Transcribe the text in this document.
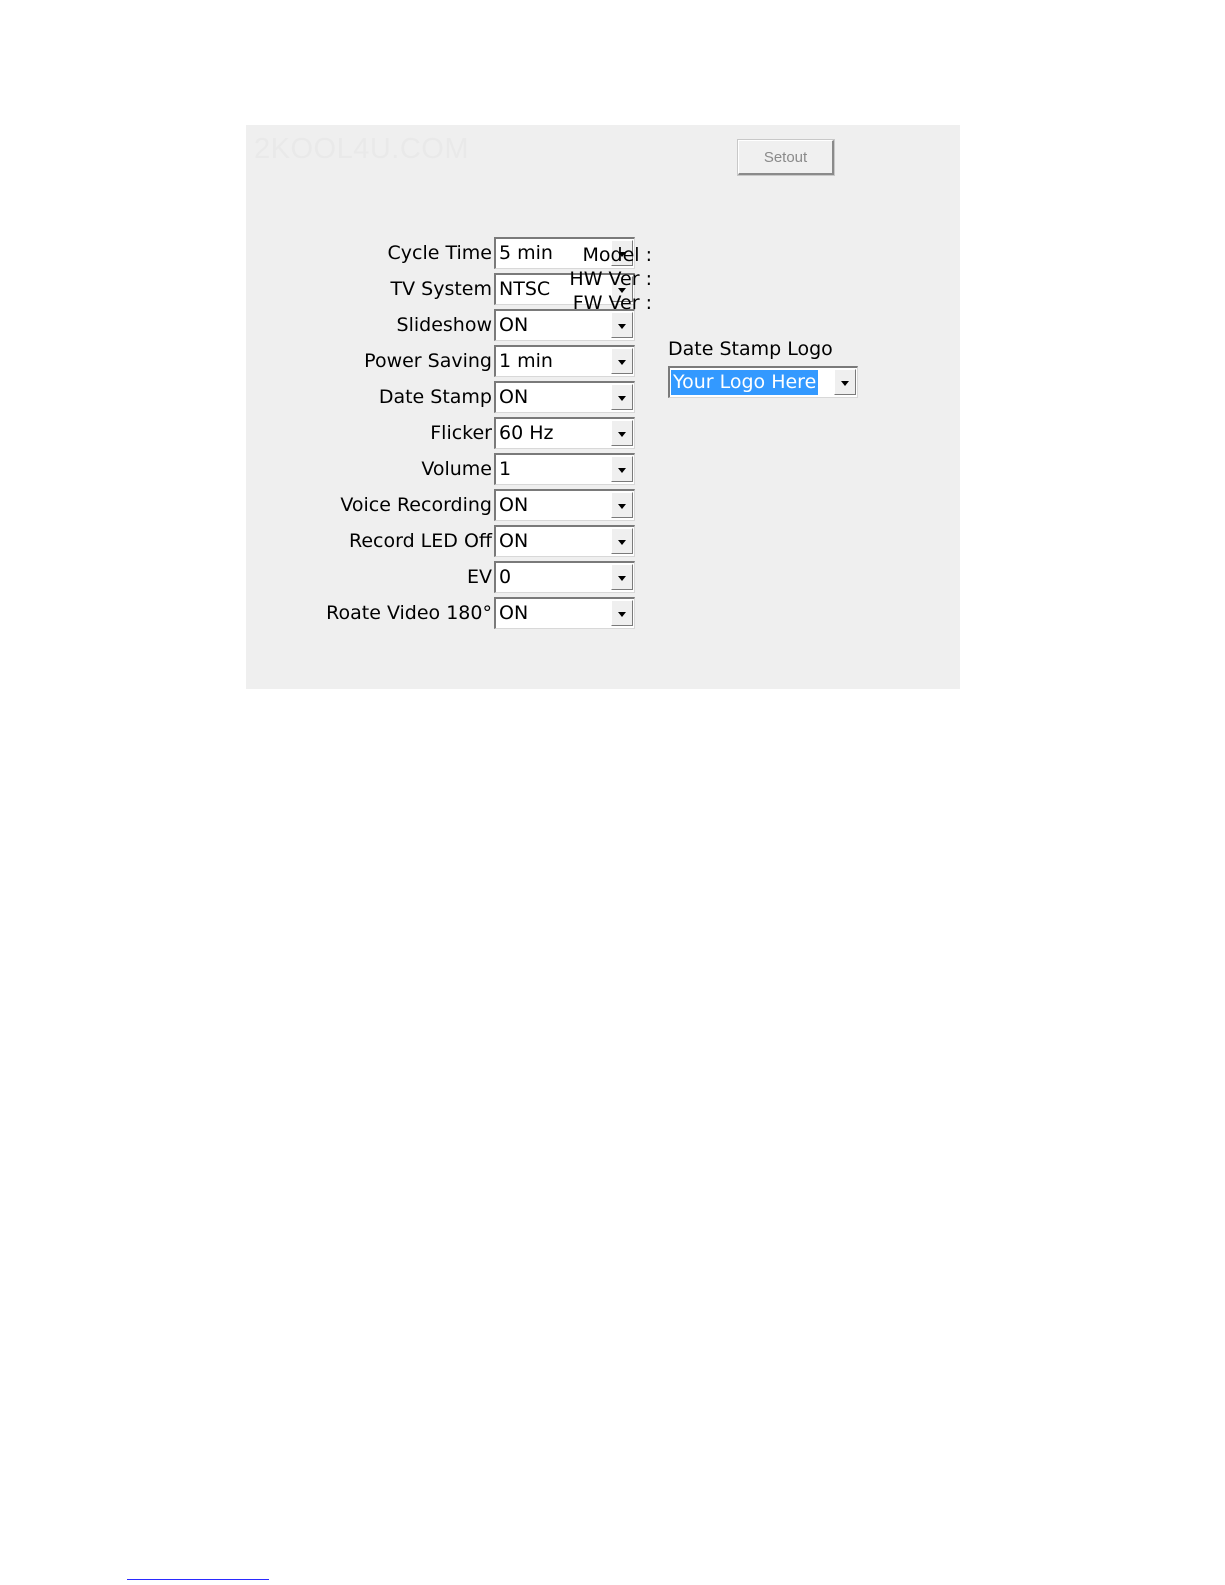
2KOOL4U.COM	Setout
Cycle Time 5 min
TV System NTSC
Slideshow ON
Power Saving 1 min
Date Stamp ON
Flicker 60 Hz
Volume 1
Voice Recording ON
Record LED Off ON
EV 0
Roate Video 180° ON
Model :
HW Ver :
FW Ver :
Date Stamp Logo
Your Logo Here
